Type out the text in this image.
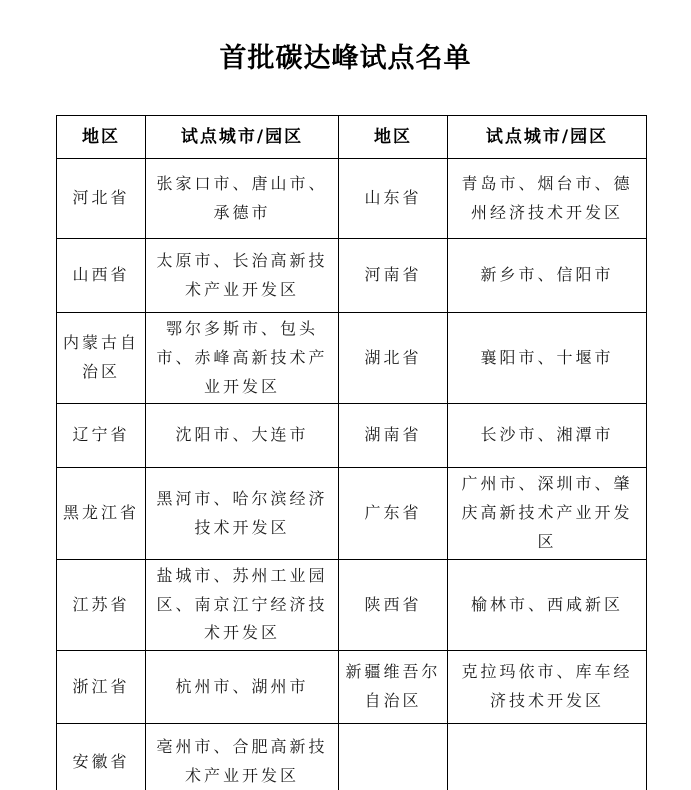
首批碳达峰试点名单
地区	试点城市/园区	地区	试点城市/园区
河北省	张家口市、唐山市、承德市	山东省	青岛市、烟台市、德州经济技术开发区
山西省	太原市、长治高新技术产业开发区	河南省	新乡市、信阳市
内蒙古自治区	鄂尔多斯市、包头市、赤峰高新技术产业开发区	湖北省	襄阳市、十堰市
辽宁省	沈阳市、大连市	湖南省	长沙市、湘潭市
黑龙江省	黑河市、哈尔滨经济技术开发区	广东省	广州市、深圳市、肇庆高新技术产业开发区
江苏省	盐城市、苏州工业园区、南京江宁经济技术开发区	陕西省	榆林市、西咸新区
浙江省	杭州市、湖州市	新疆维吾尔自治区	克拉玛依市、库车经济技术开发区
安徽省	亳州市、合肥高新技术产业开发区		
